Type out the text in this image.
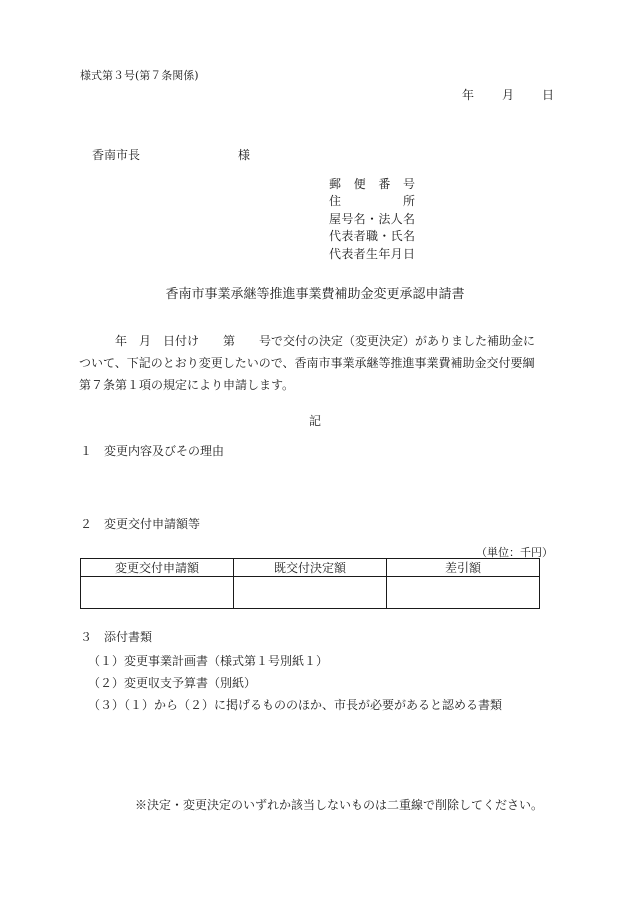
様式第３号(第７条関係)
年	月	日
香南市長	様
郵 便 番 号
住	所
屋 号 名 ・ 法 人 名
代 表 者 職 ・ 氏 名
代 表 者 生 年 月 日
香南市事業承継等推進事業費補助金変更承認申請書
年　月　日付け　　第　　号で交付の決定（変更決定）がありました補助金に
ついて、下記のとおり変更したいので、香南市事業承継等推進事業費補助金交付要綱
第７条第１項の規定により申請します。
記
１　変更内容及びその理由
２　変更交付申請額等
（単位：千円）
変更交付申請額	既交付決定額	差引額

３　添付書類
（１）変更事業計画書（様式第１号別紙１）
（２）変更収支予算書（別紙）
（３）（１）から（２）に掲げるもののほか、市長が必要があると認める書類
※決定・変更決定のいずれか該当しないものは二重線で削除してください。
